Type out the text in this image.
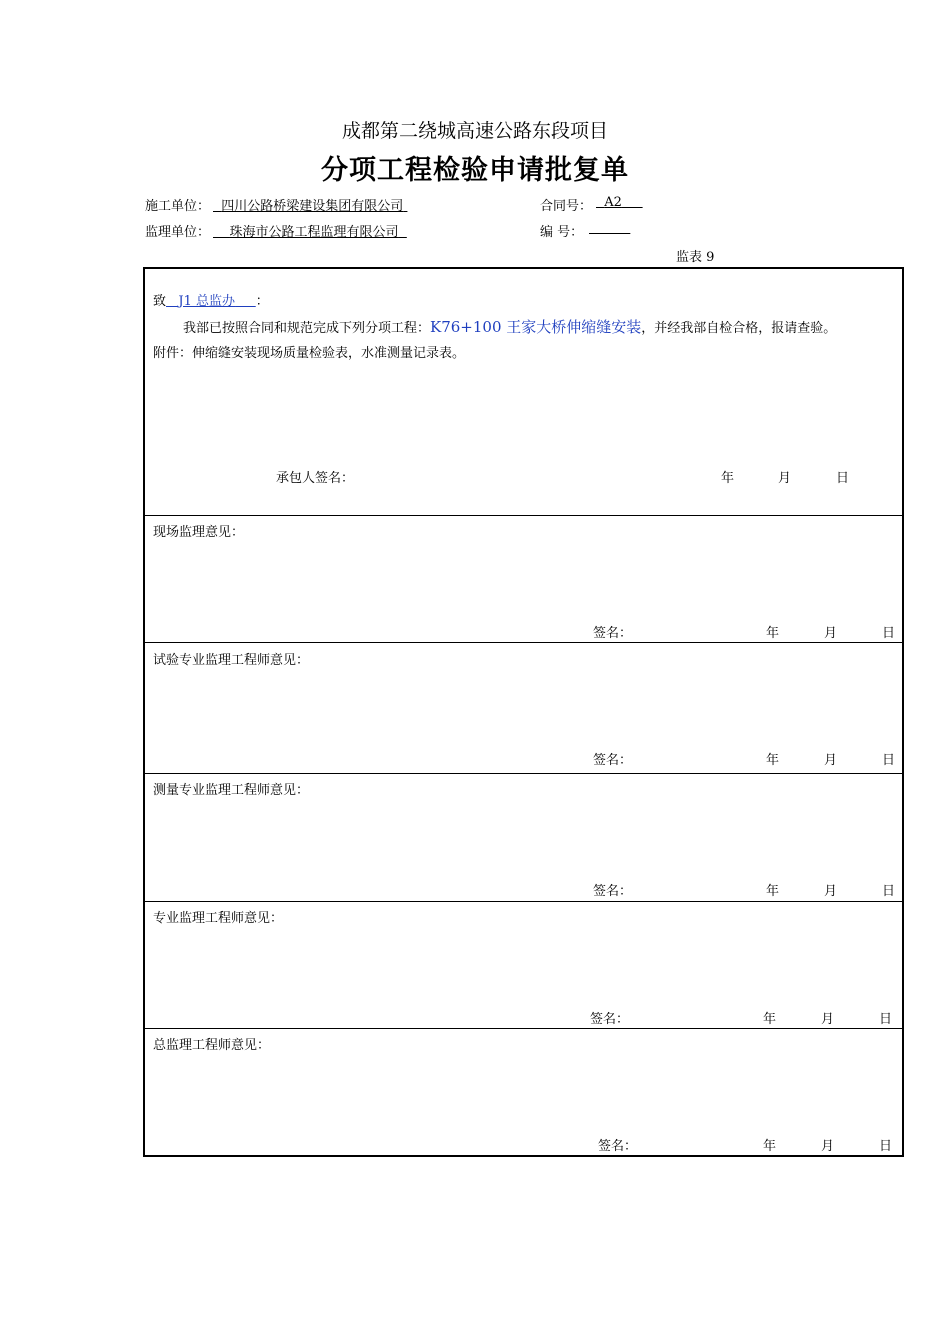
成都第二绕城高速公路东段项目
分项工程检验申请批复单
施工单位： 四川公路桥梁建设集团有限公司	合同号： A2
监理单位：	珠海市公路工程监理有限公司	编 号：

监表 9
致 J1 总监办 ：
我部已按照合同和规范完成下列分项工程：K76+100 王家大桥伸缩缝安装，并经我部自检合格，报请查验。
附件：伸缩缝安装现场质量检验表，水准测量记录表。
承包人签名：	年	月	日
现场监理意见：
签名：	年	月	日
试验专业监理工程师意见：
签名：	年	月	日
测量专业监理工程师意见：
签名：	年	月	日
专业监理工程师意见：
签名：	年	月	日
总监理工程师意见：
签名：	年	月	日
